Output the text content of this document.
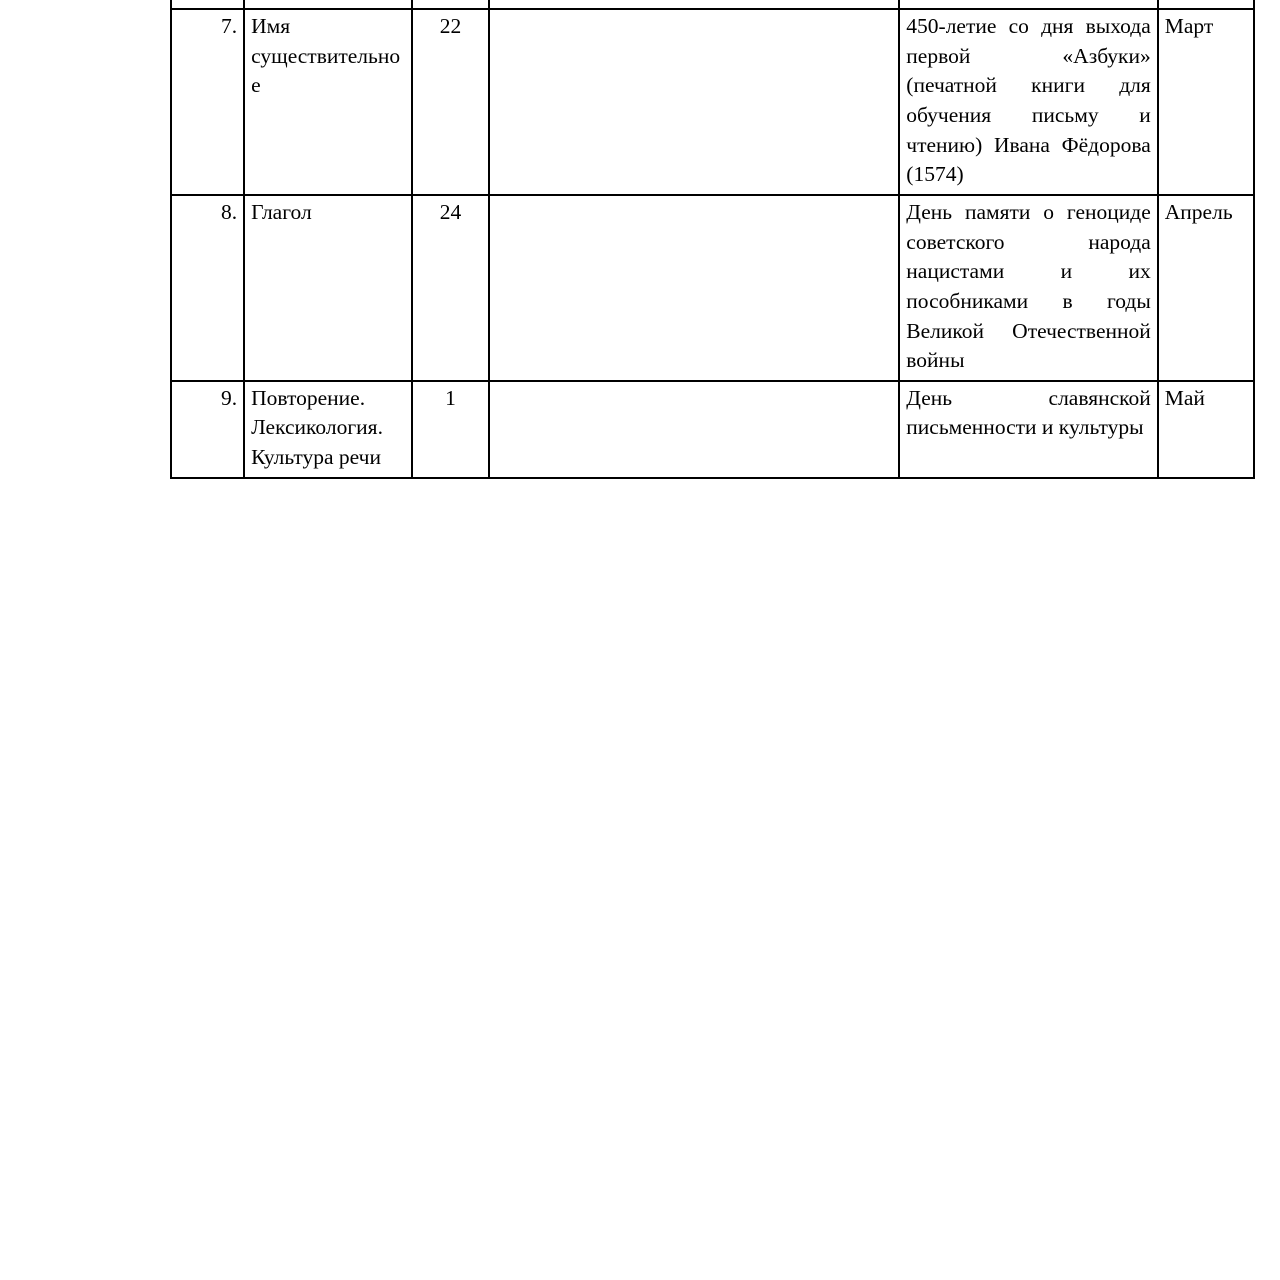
7.	Имя существительное	22		450-летие со дня выхода первой «Азбуки» (печатной книги для обучения письму и чтению) Ивана Фёдорова (1574)	Март
8.	Глагол	24		День памяти о геноциде советского народа нацистами и их пособниками в годы Великой Отечественной войны	Апрель
9.	Повторение. Лексикология. Культура речи	1		День славянской письменности и культуры	Май
